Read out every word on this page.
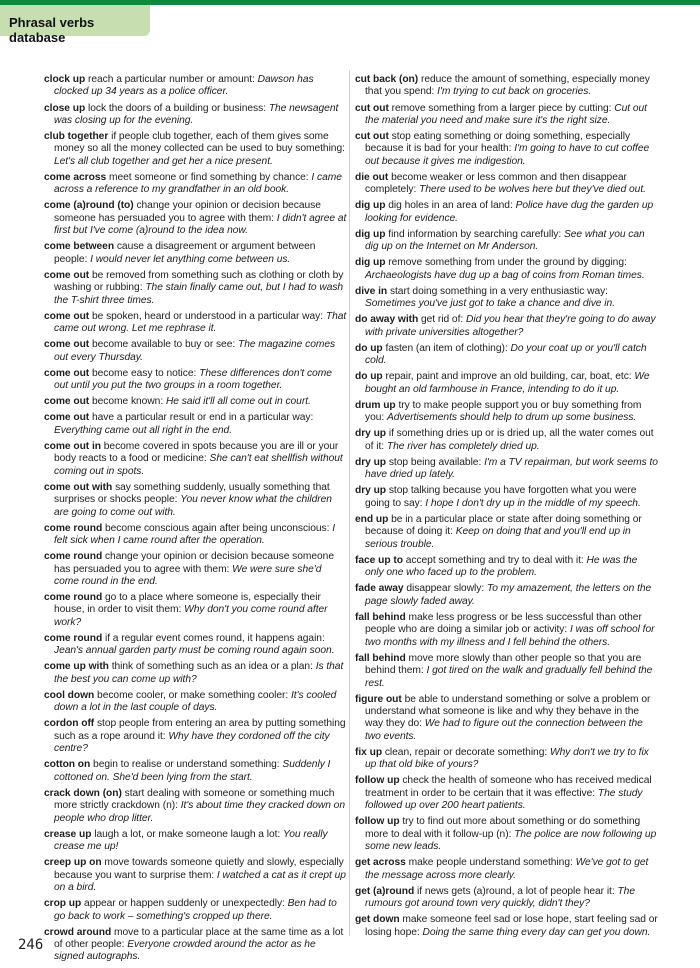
Phrasal verbs database
clock up reach a particular number or amount: Dawson has clocked up 34 years as a police officer.
close up lock the doors of a building or business: The newsagent was closing up for the evening.
club together if people club together, each of them gives some money so all the money collected can be used to buy something: Let's all club together and get her a nice present.
come across meet someone or find something by chance: I came across a reference to my grandfather in an old book.
come (a)round (to) change your opinion or decision because someone has persuaded you to agree with them: I didn't agree at first but I've come (a)round to the idea now.
come between cause a disagreement or argument between people: I would never let anything come between us.
come out be removed from something such as clothing or cloth by washing or rubbing: The stain finally came out, but I had to wash the T-shirt three times.
come out be spoken, heard or understood in a particular way: That came out wrong. Let me rephrase it.
come out become available to buy or see: The magazine comes out every Thursday.
come out become easy to notice: These differences don't come out until you put the two groups in a room together.
come out become known: He said it'll all come out in court.
come out have a particular result or end in a particular way: Everything came out all right in the end.
come out in become covered in spots because you are ill or your body reacts to a food or medicine: She can't eat shellfish without coming out in spots.
come out with say something suddenly, usually something that surprises or shocks people: You never know what the children are going to come out with.
come round become conscious again after being unconscious: I felt sick when I came round after the operation.
come round change your opinion or decision because someone has persuaded you to agree with them: We were sure she'd come round in the end.
come round go to a place where someone is, especially their house, in order to visit them: Why don't you come round after work?
come round if a regular event comes round, it happens again: Jean's annual garden party must be coming round again soon.
come up with think of something such as an idea or a plan: Is that the best you can come up with?
cool down become cooler, or make something cooler: It's cooled down a lot in the last couple of days.
cordon off stop people from entering an area by putting something such as a rope around it: Why have they cordoned off the city centre?
cotton on begin to realise or understand something: Suddenly I cottoned on. She'd been lying from the start.
crack down (on) start dealing with someone or something much more strictly crackdown (n): It's about time they cracked down on people who drop litter.
crease up laugh a lot, or make someone laugh a lot: You really crease me up!
creep up on move towards someone quietly and slowly, especially because you want to surprise them: I watched a cat as it crept up on a bird.
crop up appear or happen suddenly or unexpectedly: Ben had to go back to work – something's cropped up there.
crowd around move to a particular place at the same time as a lot of other people: Everyone crowded around the actor as he signed autographs.
cut back (on) reduce the amount of something, especially money that you spend: I'm trying to cut back on groceries.
cut out remove something from a larger piece by cutting: Cut out the material you need and make sure it's the right size.
cut out stop eating something or doing something, especially because it is bad for your health: I'm going to have to cut coffee out because it gives me indigestion.
die out become weaker or less common and then disappear completely: There used to be wolves here but they've died out.
dig up dig holes in an area of land: Police have dug the garden up looking for evidence.
dig up find information by searching carefully: See what you can dig up on the Internet on Mr Anderson.
dig up remove something from under the ground by digging: Archaeologists have dug up a bag of coins from Roman times.
dive in start doing something in a very enthusiastic way: Sometimes you've just got to take a chance and dive in.
do away with get rid of: Did you hear that they're going to do away with private universities altogether?
do up fasten (an item of clothing): Do your coat up or you'll catch cold.
do up repair, paint and improve an old building, car, boat, etc: We bought an old farmhouse in France, intending to do it up.
drum up try to make people support you or buy something from you: Advertisements should help to drum up some business.
dry up if something dries up or is dried up, all the water comes out of it: The river has completely dried up.
dry up stop being available: I'm a TV repairman, but work seems to have dried up lately.
dry up stop talking because you have forgotten what you were going to say: I hope I don't dry up in the middle of my speech.
end up be in a particular place or state after doing something or because of doing it: Keep on doing that and you'll end up in serious trouble.
face up to accept something and try to deal with it: He was the only one who faced up to the problem.
fade away disappear slowly: To my amazement, the letters on the page slowly faded away.
fall behind make less progress or be less successful than other people who are doing a similar job or activity: I was off school for two months with my illness and I fell behind the others.
fall behind move more slowly than other people so that you are behind them: I got tired on the walk and gradually fell behind the rest.
figure out be able to understand something or solve a problem or understand what someone is like and why they behave in the way they do: We had to figure out the connection between the two events.
fix up clean, repair or decorate something: Why don't we try to fix up that old bike of yours?
follow up check the health of someone who has received medical treatment in order to be certain that it was effective: The study followed up over 200 heart patients.
follow up try to find out more about something or do something more to deal with it follow-up (n): The police are now following up some new leads.
get across make people understand something: We've got to get the message across more clearly.
get (a)round if news gets (a)round, a lot of people hear it: The rumours got around town very quickly, didn't they?
get down make someone feel sad or lose hope, start feeling sad or losing hope: Doing the same thing every day can get you down.
246
